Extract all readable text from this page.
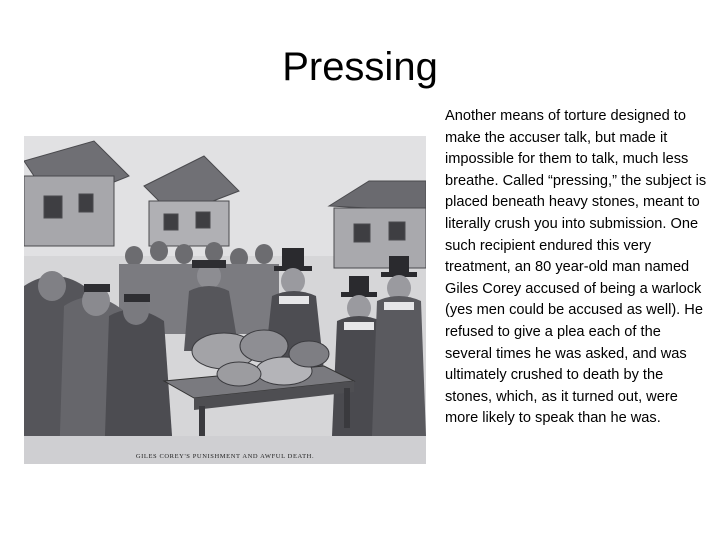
Pressing
GILES COREY'S PUNISHMENT AND AWFUL DEATH.
Another means of torture designed to make the accuser talk, but made it impossible for them to talk, much less breathe. Called “pressing,” the subject is placed beneath heavy stones, meant to literally crush you into submission. One such recipient endured this very treatment, an 80 year-old man named Giles Corey accused of being a warlock (yes men could be accused as well). He refused to give a plea each of the several times he was asked, and was ultimately crushed to death by the stones, which, as it turned out, were more likely to speak than he was.
